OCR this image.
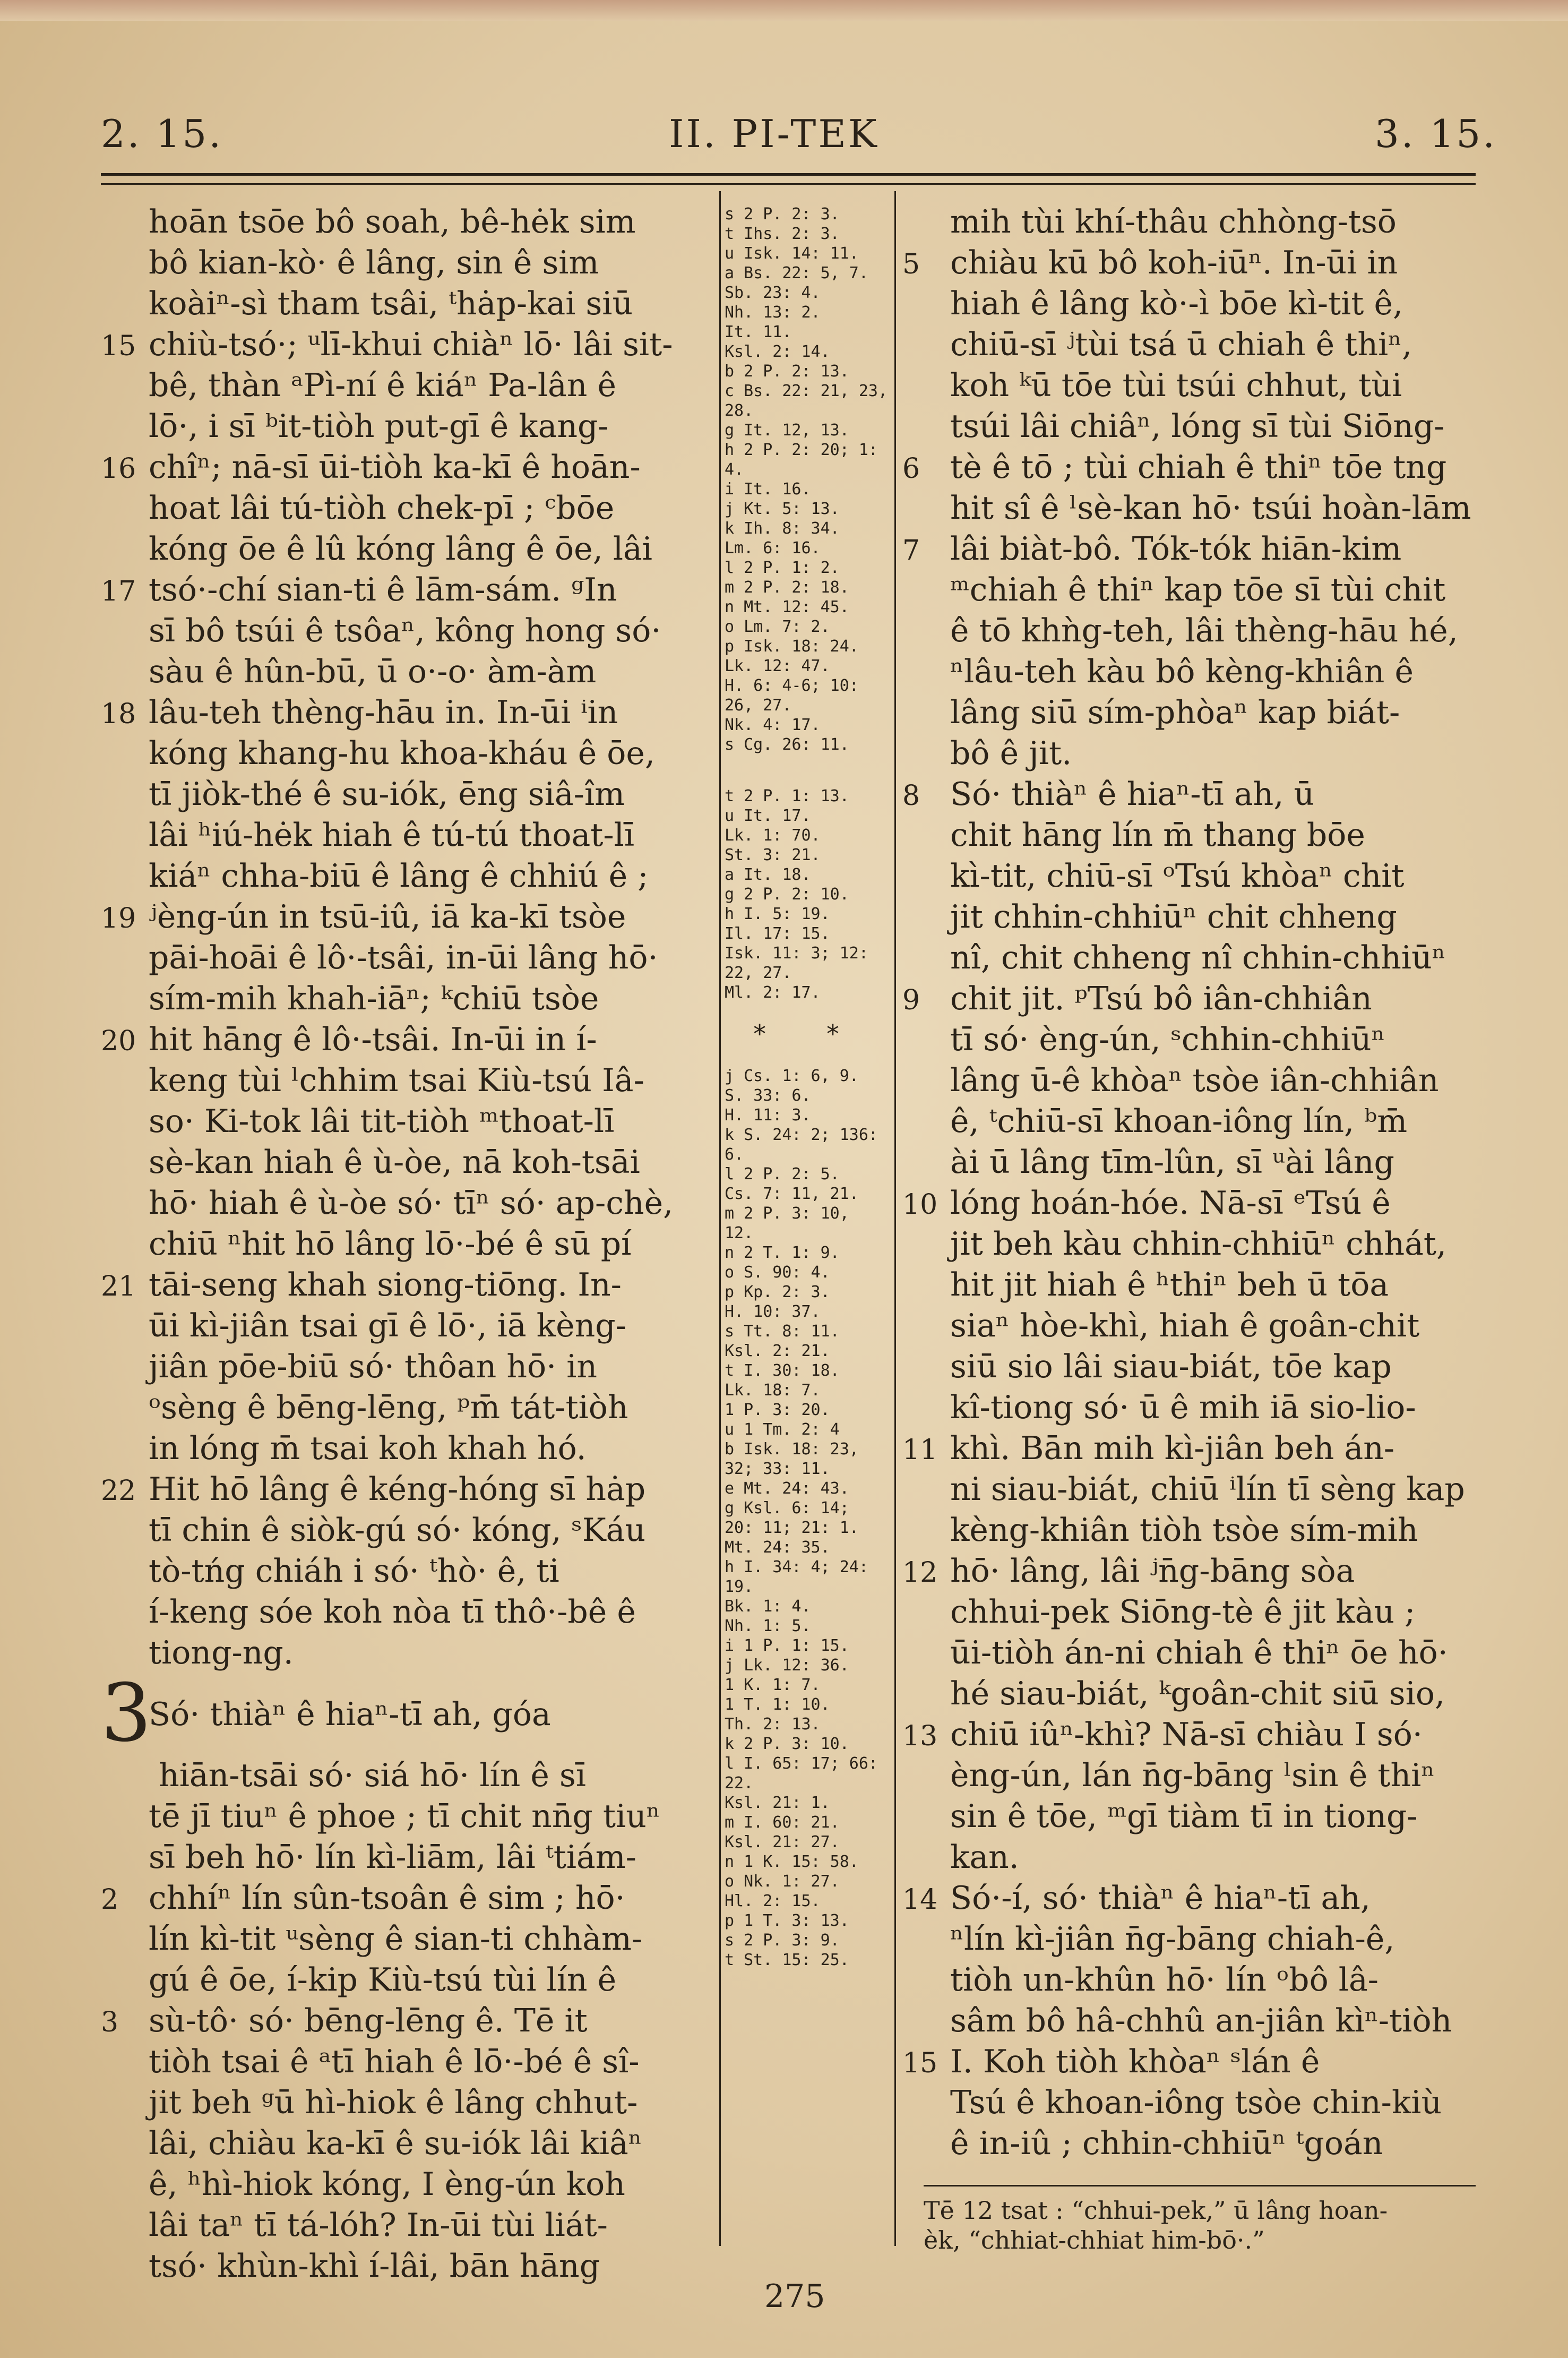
2. 15.	II. PI-TEK	3. 15.
hoān tsōe bô soah, bê-hėk sim
bô kian-kò· ê lâng, sin ê sim
koàiⁿ-sì tham tsâi, ᵗhȧp-kai siū
15 chiù-tsó·; ᵘlī-khui chiàⁿ lō· lâi sit-
bê, thàn ᵃPì-ní ê kiáⁿ Pa-lân ê
lō·, i sī ᵇit-tiòh put-gī ê kang-
16 chîⁿ; nā-sī ūi-tiòh ka-kī ê hoān-
hoat lâi tú-tiòh chek-pī ; ᶜbōe
kóng ōe ê lû kóng lâng ê ōe, lâi
17 tsó·-chí sian-ti ê lām-sám. ᵍIn
sī bô tsúi ê tsôaⁿ, kông hong só·
sàu ê hûn-bū, ū o·-o· àm-àm
18 lâu-teh thèng-hāu in. In-ūi ⁱin
kóng khang-hu khoa-kháu ê ōe,
tī jiòk-thé ê su-iók, ēng siâ-îm
lâi ʰiú-hėk hiah ê tú-tú thoat-lī
kiáⁿ chha-biū ê lâng ê chhiú ê ;
19 ʲèng-ún in tsū-iû, iā ka-kī tsòe
pāi-hoāi ê lô·-tsâi, in-ūi lâng hō·
sím-mih khah-iāⁿ; ᵏchiū tsòe
20 hit hāng ê lô·-tsâi. In-ūi in í-
keng tùi ˡchhim tsai Kiù-tsú Iâ-
so· Ki-tok lâi tit-tiòh ᵐthoat-lī
sè-kan hiah ê ù-òe, nā koh-tsāi
hō· hiah ê ù-òe só· tīⁿ só· ap-chè,
chiū ⁿhit hō lâng lō·-bé ê sū pí
21 tāi-seng khah siong-tiōng. In-
ūi kì-jiân tsai gī ê lō·, iā kèng-
jiân pōe-biū só· thôan hō· in
ᵒsèng ê bēng-lēng, ᵖm̄ tát-tiòh
in lóng m̄ tsai koh khah hó.
22 Hit hō lâng ê kéng-hóng sī hȧp
tī chin ê siòk-gú só· kóng, ˢKáu
tò-tńg chiáh i só· ᵗhò· ê, ti
í-keng sóe koh nòa tī thô·-bê ê
tiong-ng.
3Só· thiàⁿ ê hiaⁿ-tī ah, góa
hiān-tsāi só· siá hō· lín ê sī
tē jī tiuⁿ ê phoe ; tī chit nn̄g tiuⁿ
sī beh hō· lín kì-liām, lâi ᵗtiám-
2 chhíⁿ lín sûn-tsoân ê sim ; hō·
lín kì-tit ᵘsèng ê sian-ti chhàm-
gú ê ōe, í-kip Kiù-tsú tùi lín ê
3 sù-tô· só· bēng-lēng ê. Tē it
tiòh tsai ê ᵃtī hiah ê lō·-bé ê sî-
jit beh ᵍū hì-hiok ê lâng chhut-
lâi, chiàu ka-kī ê su-iók lâi kiâⁿ
ê, ʰhì-hiok kóng, I èng-ún koh
lâi taⁿ tī tá-lóh? In-ūi tùi liát-
tsó· khùn-khì í-lâi, bān hāng
s 2 P. 2: 3.
t Ihs. 2: 3.
u Isk. 14: 11.
a Bs. 22: 5, 7.
Sb. 23: 4.
Nh. 13: 2.
It. 11.
Ksl. 2: 14.
b 2 P. 2: 13.
c Bs. 22: 21, 23,
28.
g It. 12, 13.
h 2 P. 2: 20; 1:
4.
i It. 16.
j Kt. 5: 13.
k Ih. 8: 34.
Lm. 6: 16.
l 2 P. 1: 2.
m 2 P. 2: 18.
n Mt. 12: 45.
o Lm. 7: 2.
p Isk. 18: 24.
Lk. 12: 47.
H. 6: 4-6; 10:
26, 27.
Nk. 4: 17.
s Cg. 26: 11.
t 2 P. 1: 13.
u It. 17.
Lk. 1: 70.
St. 3: 21.
a It. 18.
g 2 P. 2: 10.
h I. 5: 19.
Il. 17: 15.
Isk. 11: 3; 12:
22, 27.
Ml. 2: 17.
* *
j Cs. 1: 6, 9.
S. 33: 6.
H. 11: 3.
k S. 24: 2; 136:
6.
l 2 P. 2: 5.
Cs. 7: 11, 21.
m 2 P. 3: 10,
12.
n 2 T. 1: 9.
o S. 90: 4.
p Kp. 2: 3.
H. 10: 37.
s Tt. 8: 11.
Ksl. 2: 21.
t I. 30: 18.
Lk. 18: 7.
1 P. 3: 20.
u 1 Tm. 2: 4
b Isk. 18: 23,
32; 33: 11.
e Mt. 24: 43.
g Ksl. 6: 14;
20: 11; 21: 1.
Mt. 24: 35.
h I. 34: 4; 24:
19.
Bk. 1: 4.
Nh. 1: 5.
i 1 P. 1: 15.
j Lk. 12: 36.
1 K. 1: 7.
1 T. 1: 10.
Th. 2: 13.
k 2 P. 3: 10.
l I. 65: 17; 66:
22.
Ksl. 21: 1.
m I. 60: 21.
Ksl. 21: 27.
n 1 K. 15: 58.
o Nk. 1: 27.
Hl. 2: 15.
p 1 T. 3: 13.
s 2 P. 3: 9.
t St. 15: 25.
mih tùi khí-thâu chhòng-tsō
5 chiàu kū bô koh-iūⁿ. In-ūi in
hiah ê lâng kò·-ì bōe kì-tit ê,
chiū-sī ʲtùi tsá ū chiah ê thiⁿ,
koh ᵏū tōe tùi tsúi chhut, tùi
tsúi lâi chiâⁿ, lóng sī tùi Siōng-
6 tè ê tō ; tùi chiah ê thiⁿ tōe tng
hit sî ê ˡsè-kan hō· tsúi hoàn-lām
7 lâi biàt-bô. Tók-tók hiān-kim
ᵐchiah ê thiⁿ kap tōe sī tùi chit
ê tō khǹg-teh, lâi thèng-hāu hé,
ⁿlâu-teh kàu bô kèng-khiân ê
lâng siū sím-phòaⁿ kap biát-
bô ê jit.
8 Só· thiàⁿ ê hiaⁿ-tī ah, ū
chit hāng lín m̄ thang bōe
kì-tit, chiū-sī ᵒTsú khòaⁿ chit
jit chhin-chhiūⁿ chit chheng
nî, chit chheng nî chhin-chhiūⁿ
9 chit jit. ᵖTsú bô iân-chhiân
tī só· èng-ún, ˢchhin-chhiūⁿ
lâng ū-ê khòaⁿ tsòe iân-chhiân
ê, ᵗchiū-sī khoan-iông lín, ᵇm̄
ài ū lâng tīm-lûn, sī ᵘài lâng
10 lóng hoán-hóe. Nā-sī ᵉTsú ê
jit beh kàu chhin-chhiūⁿ chhát,
hit jit hiah ê ʰthiⁿ beh ū tōa
siaⁿ hòe-khì, hiah ê goân-chit
siū sio lâi siau-biát, tōe kap
kî-tiong só· ū ê mih iā sio-lio-
11 khì. Bān mih kì-jiân beh án-
ni siau-biát, chiū ⁱlín tī sèng kap
kèng-khiân tiòh tsòe sím-mih
12 hō· lâng, lâi ʲn̄g-bāng sòa
chhui-pek Siōng-tè ê jit kàu ;
ūi-tiòh án-ni chiah ê thiⁿ ōe hō·
hé siau-biát, ᵏgoân-chit siū sio,
13 chiū iûⁿ-khì? Nā-sī chiàu I só·
èng-ún, lán n̄g-bāng ˡsin ê thiⁿ
sin ê tōe, ᵐgī tiàm tī in tiong-
kan.
14 Só·-í, só· thiàⁿ ê hiaⁿ-tī ah,
ⁿlín kì-jiân n̄g-bāng chiah-ê,
tiòh un-khûn hō· lín ᵒbô lâ-
sâm bô hâ-chhû an-jiân kìⁿ-tiòh
15 I. Koh tiòh khòaⁿ ˢlán ê
Tsú ê khoan-iông tsòe chin-kiù
ê in-iû ; chhin-chhiūⁿ ᵗgoán
Tē 12 tsat : “chhui-pek,” ū lâng hoan-
èk, “chhiat-chhiat him-bō·.”
275
